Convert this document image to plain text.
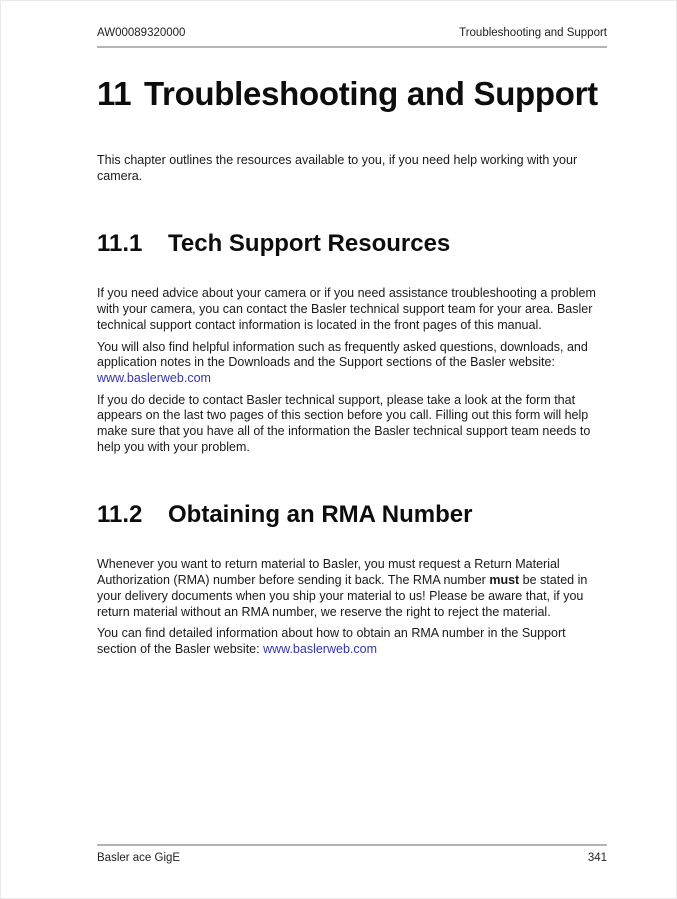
AW00089320000	Troubleshooting and Support
11 Troubleshooting and Support

This chapter outlines the resources available to you, if you need help working with your camera.

11.1 Tech Support Resources

If you need advice about your camera or if you need assistance troubleshooting a problem with your camera, you can contact the Basler technical support team for your area. Basler technical support contact information is located in the front pages of this manual.

You will also find helpful information such as frequently asked questions, downloads, and application notes in the Downloads and the Support sections of the Basler website: www.baslerweb.com

If you do decide to contact Basler technical support, please take a look at the form that appears on the last two pages of this section before you call. Filling out this form will help make sure that you have all of the information the Basler technical support team needs to help you with your problem.

11.2 Obtaining an RMA Number

Whenever you want to return material to Basler, you must request a Return Material Authorization (RMA) number before sending it back. The RMA number must be stated in your delivery documents when you ship your material to us! Please be aware that, if you return material without an RMA number, we reserve the right to reject the material.

You can find detailed information about how to obtain an RMA number in the Support section of the Basler website: www.baslerweb.com

Basler ace GigE	341
